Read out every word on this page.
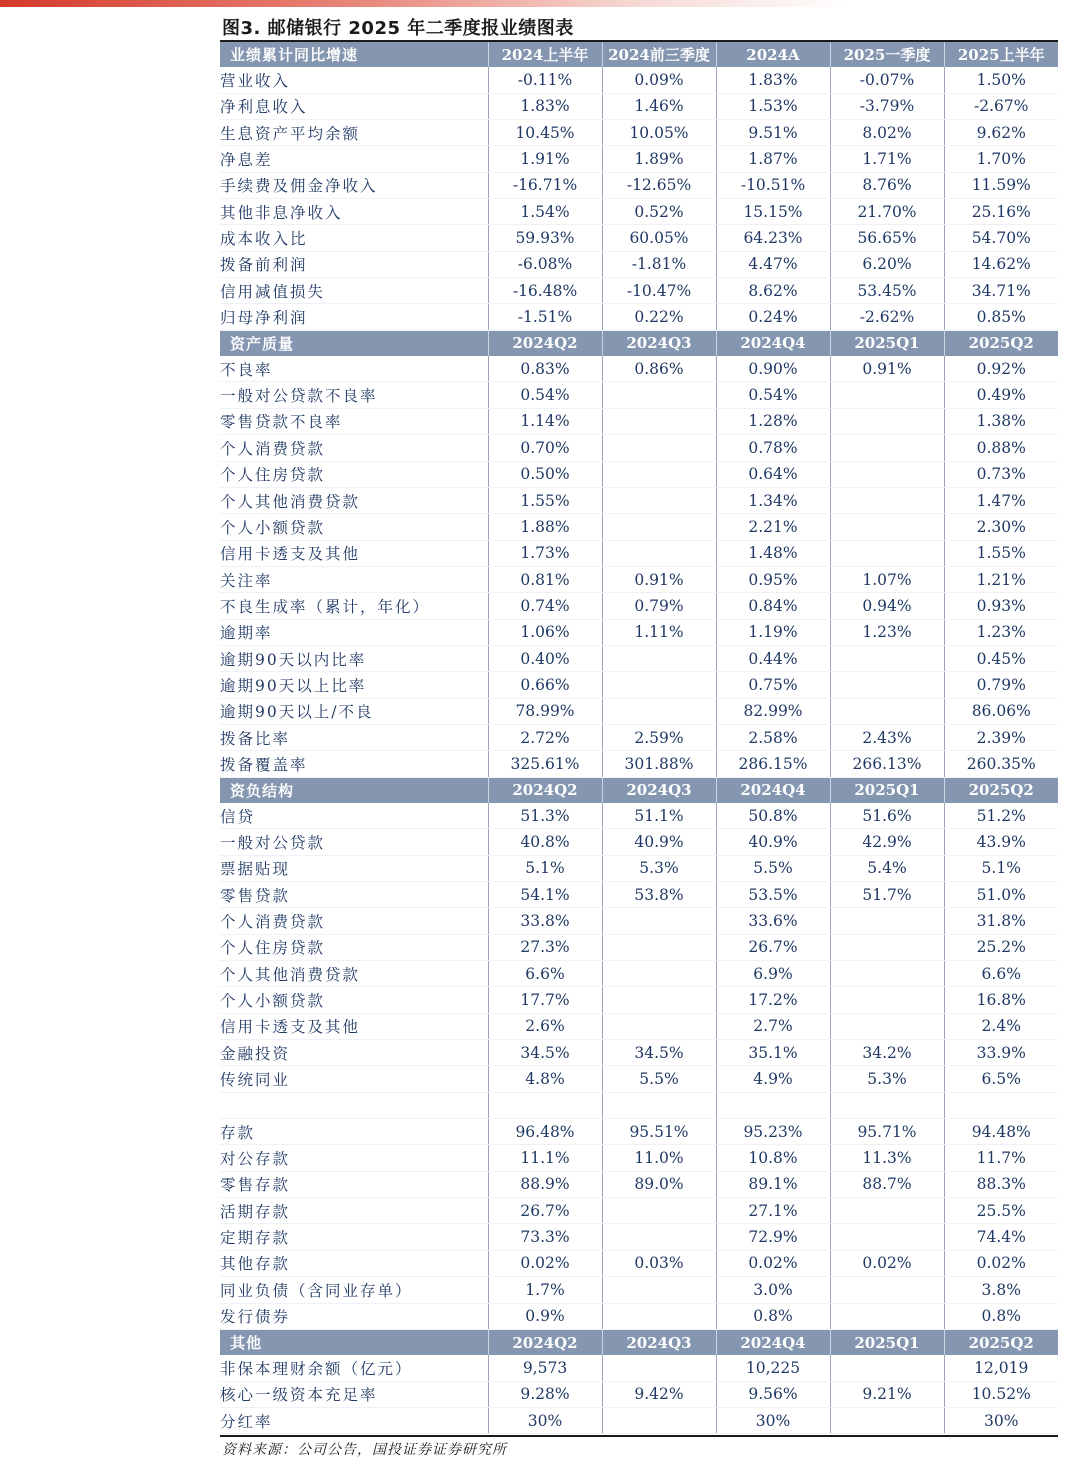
图3. 邮储银行 2025 年二季度报业绩图表
业绩累计同比增速	2024上半年	2024前三季度	2024A	2025一季度	2025上半年
营业收入	-0.11%	0.09%	1.83%	-0.07%	1.50%
净利息收入	1.83%	1.46%	1.53%	-3.79%	-2.67%
生息资产平均余额	10.45%	10.05%	9.51%	8.02%	9.62%
净息差	1.91%	1.89%	1.87%	1.71%	1.70%
手续费及佣金净收入	-16.71%	-12.65%	-10.51%	8.76%	11.59%
其他非息净收入	1.54%	0.52%	15.15%	21.70%	25.16%
成本收入比	59.93%	60.05%	64.23%	56.65%	54.70%
拨备前利润	-6.08%	-1.81%	4.47%	6.20%	14.62%
信用减值损失	-16.48%	-10.47%	8.62%	53.45%	34.71%
归母净利润	-1.51%	0.22%	0.24%	-2.62%	0.85%
资产质量	2024Q2	2024Q3	2024Q4	2025Q1	2025Q2
不良率	0.83%	0.86%	0.90%	0.91%	0.92%
一般对公贷款不良率	0.54%		0.54%		0.49%
零售贷款不良率	1.14%		1.28%		1.38%
个人消费贷款	0.70%		0.78%		0.88%
个人住房贷款	0.50%		0.64%		0.73%
个人其他消费贷款	1.55%		1.34%		1.47%
个人小额贷款	1.88%		2.21%		2.30%
信用卡透支及其他	1.73%		1.48%		1.55%
关注率	0.81%	0.91%	0.95%	1.07%	1.21%
不良生成率（累计，年化）	0.74%	0.79%	0.84%	0.94%	0.93%
逾期率	1.06%	1.11%	1.19%	1.23%	1.23%
逾期90天以内比率	0.40%		0.44%		0.45%
逾期90天以上比率	0.66%		0.75%		0.79%
逾期90天以上/不良	78.99%		82.99%		86.06%
拨备比率	2.72%	2.59%	2.58%	2.43%	2.39%
拨备覆盖率	325.61%	301.88%	286.15%	266.13%	260.35%
资负结构	2024Q2	2024Q3	2024Q4	2025Q1	2025Q2
信贷	51.3%	51.1%	50.8%	51.6%	51.2%
一般对公贷款	40.8%	40.9%	40.9%	42.9%	43.9%
票据贴现	5.1%	5.3%	5.5%	5.4%	5.1%
零售贷款	54.1%	53.8%	53.5%	51.7%	51.0%
个人消费贷款	33.8%		33.6%		31.8%
个人住房贷款	27.3%		26.7%		25.2%
个人其他消费贷款	6.6%		6.9%		6.6%
个人小额贷款	17.7%		17.2%		16.8%
信用卡透支及其他	2.6%		2.7%		2.4%
金融投资	34.5%	34.5%	35.1%	34.2%	33.9%
传统同业	4.8%	5.5%	4.9%	5.3%	6.5%

存款	96.48%	95.51%	95.23%	95.71%	94.48%
对公存款	11.1%	11.0%	10.8%	11.3%	11.7%
零售存款	88.9%	89.0%	89.1%	88.7%	88.3%
活期存款	26.7%		27.1%		25.5%
定期存款	73.3%		72.9%		74.4%
其他存款	0.02%	0.03%	0.02%	0.02%	0.02%
同业负债（含同业存单）	1.7%		3.0%		3.8%
发行债券	0.9%		0.8%		0.8%
其他	2024Q2	2024Q3	2024Q4	2025Q1	2025Q2
非保本理财余额（亿元）	9,573		10,225		12,019
核心一级资本充足率	9.28%	9.42%	9.56%	9.21%	10.52%
分红率	30%		30%		30%
资料来源：公司公告，国投证券证券研究所
